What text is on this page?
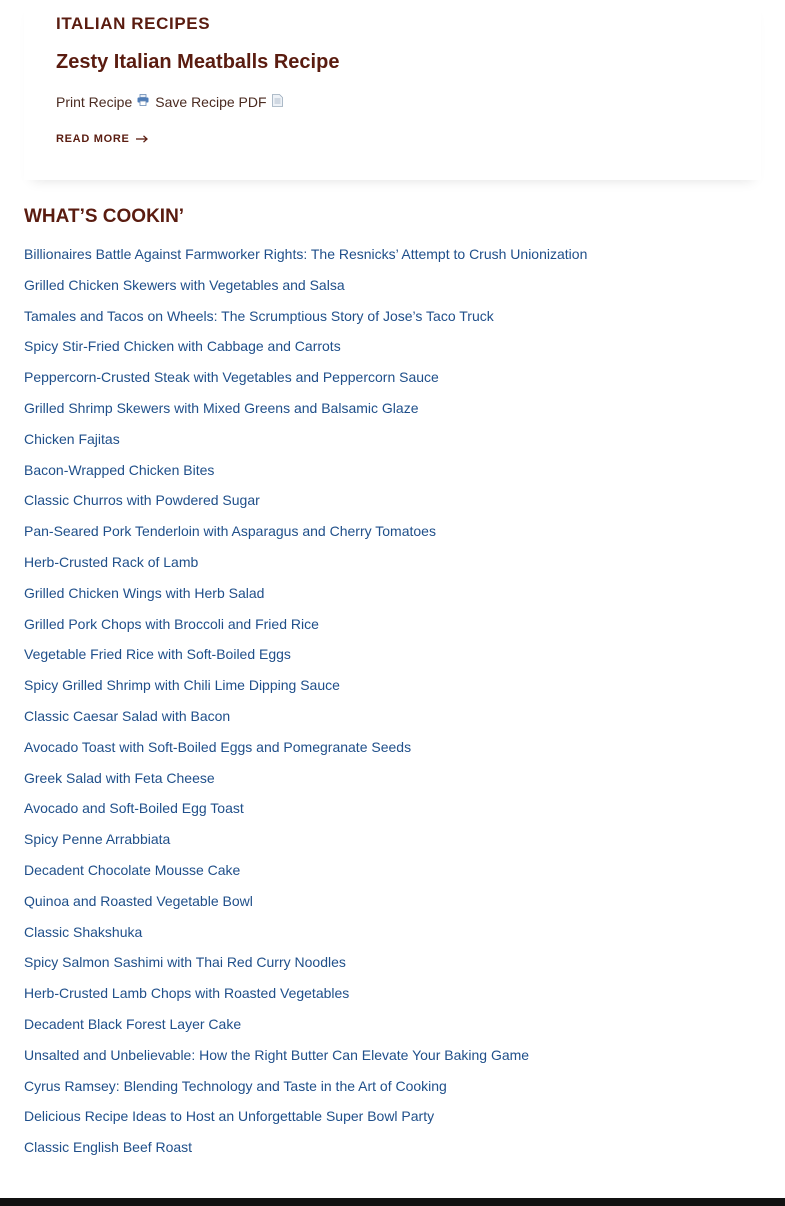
ITALIAN RECIPES
Zesty Italian Meatballs Recipe
Print Recipe Save Recipe PDF
READ MORE
WHAT’S COOKIN’
Billionaires Battle Against Farmworker Rights: The Resnicks’ Attempt to Crush Unionization
Grilled Chicken Skewers with Vegetables and Salsa
Tamales and Tacos on Wheels: The Scrumptious Story of Jose’s Taco Truck
Spicy Stir-Fried Chicken with Cabbage and Carrots
Peppercorn-Crusted Steak with Vegetables and Peppercorn Sauce
Grilled Shrimp Skewers with Mixed Greens and Balsamic Glaze
Chicken Fajitas
Bacon-Wrapped Chicken Bites
Classic Churros with Powdered Sugar
Pan-Seared Pork Tenderloin with Asparagus and Cherry Tomatoes
Herb-Crusted Rack of Lamb
Grilled Chicken Wings with Herb Salad
Grilled Pork Chops with Broccoli and Fried Rice
Vegetable Fried Rice with Soft-Boiled Eggs
Spicy Grilled Shrimp with Chili Lime Dipping Sauce
Classic Caesar Salad with Bacon
Avocado Toast with Soft-Boiled Eggs and Pomegranate Seeds
Greek Salad with Feta Cheese
Avocado and Soft-Boiled Egg Toast
Spicy Penne Arrabbiata
Decadent Chocolate Mousse Cake
Quinoa and Roasted Vegetable Bowl
Classic Shakshuka
Spicy Salmon Sashimi with Thai Red Curry Noodles
Herb-Crusted Lamb Chops with Roasted Vegetables
Decadent Black Forest Layer Cake
Unsalted and Unbelievable: How the Right Butter Can Elevate Your Baking Game
Cyrus Ramsey: Blending Technology and Taste in the Art of Cooking
Delicious Recipe Ideas to Host an Unforgettable Super Bowl Party
Classic English Beef Roast
